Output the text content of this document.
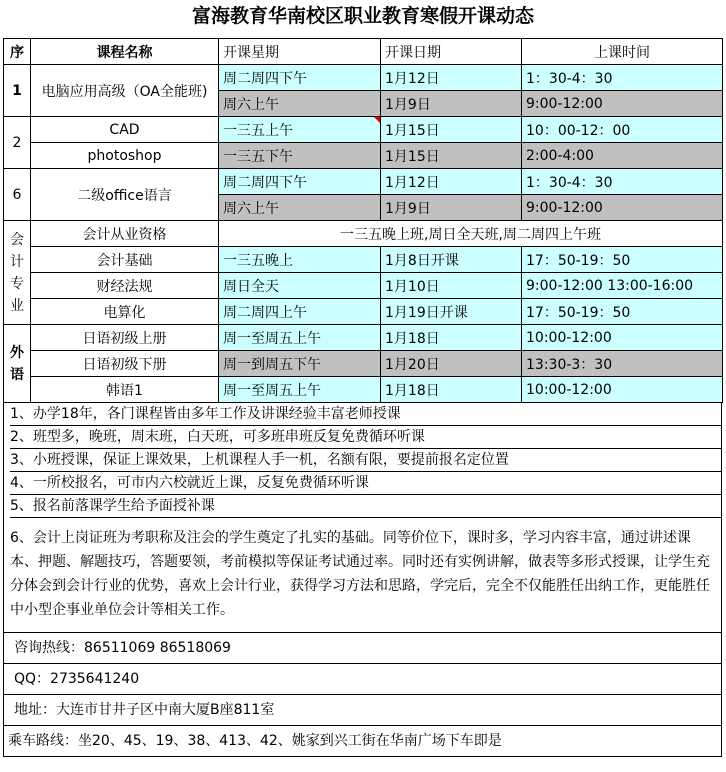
富海教育华南校区职业教育寒假开课动态
序	课程名称	开课星期	开课日期	上课时间
1	电脑应用高级（OA全能班)	周二周四下午	1月12日	1：30-4：30
		周六上午	1月9日	9:00-12:00
2	CAD	一三五上午	1月15日	10：00-12：00
	photoshop	一三五下午	1月15日	2:00-4:00
6	二级office语言	周二周四下午	1月12日	1：30-4：30
		周六上午	1月9日	9:00-12:00

会
计
专
业	会计从业资格	一三五晚上班,周日全天班,周二周四上午班		
	会计基础	一三五晚上	1月8日开课	17：50-19：50
	财经法规	周日全天	1月10日	9:00-12:00 13:00-16:00
	电算化	周二周四上午	1月19日开课	17：50-19：50

外
语	日语初级上册	周一至周五上午	1月18日	10:00-12:00
	日语初级下册	周一到周五下午	1月20日	13:30-3：30
	韩语1	周一至周五上午	1月18日	10:00-12:00
1、办学18年，各门课程皆由多年工作及讲课经验丰富老师授课
2、班型多，晚班，周末班，白天班，可多班串班反复免费循环听课
3、小班授课，保证上课效果，上机课程人手一机，名额有限，要提前报名定位置
4、一所校报名，可市内六校就近上课，反复免费循环听课
5、报名前落课学生给予面授补课
6、会计上岗证班为考职称及注会的学生奠定了扎实的基础。同等价位下，课时多，学习内容丰富，通过讲述课本、押题、解题技巧，答题要领，考前模拟等保证考试通过率。同时还有实例讲解，做表等多形式授课，让学生充分体会到会计行业的优势，喜欢上会计行业，获得学习方法和思路，学完后，完全不仅能胜任出纳工作，更能胜任中小型企事业单位会计等相关工作。
咨询热线：86511069 86518069
QQ：2735641240
地址：大连市甘井子区中南大厦B座811室
乘车路线：坐20、45、19、38、413、42、姚家到兴工街在华南广场下车即是
